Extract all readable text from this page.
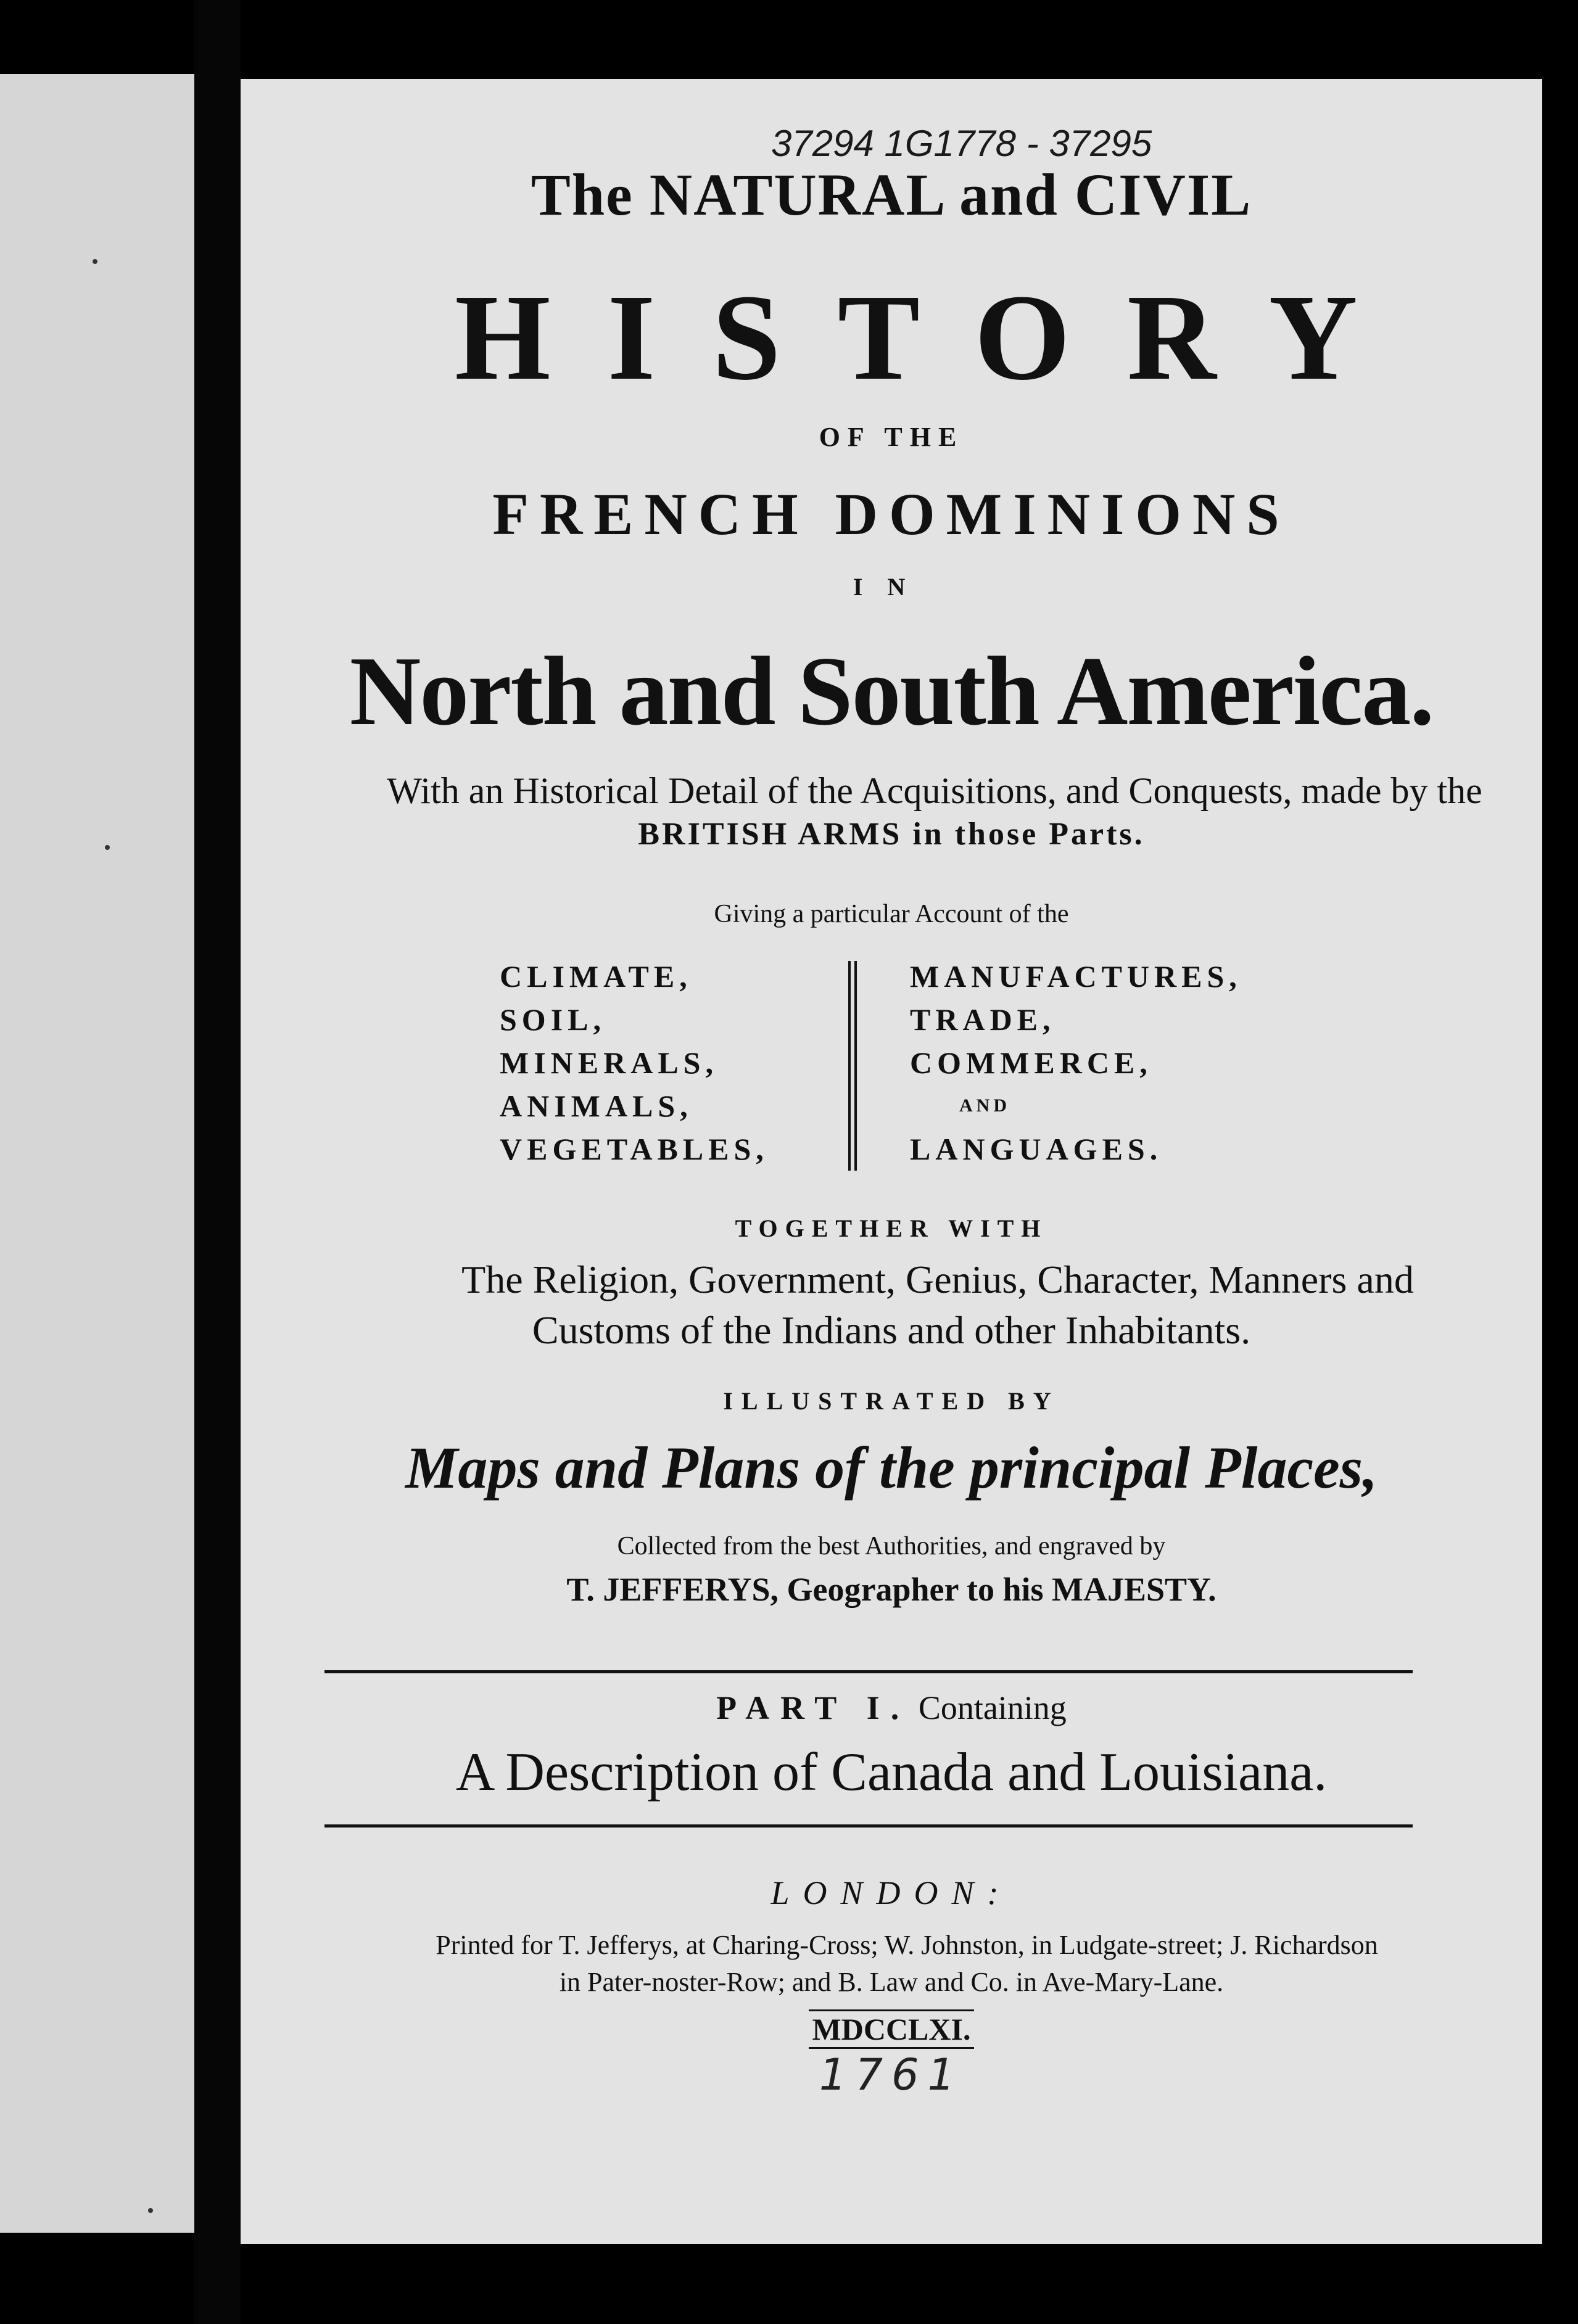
37294 1G1778 - 37295
The NATURAL and CIVIL
HISTORY
OF THE
FRENCH DOMINIONS
IN
North and South America.
With an Historical Detail of the Acquisitions, and Conquests, made by the
BRITISH ARMS in those Parts.
Giving a particular Account of the
CLIMATE,
SOIL,
MINERALS,
ANIMALS,
VEGETABLES,
MANUFACTURES,
TRADE,
COMMERCE,
AND
LANGUAGES.
TOGETHER WITH
The Religion, Government, Genius, Character, Manners and
Customs of the Indians and other Inhabitants.
ILLUSTRATED BY
Maps and Plans of the principal Places,
Collected from the best Authorities, and engraved by
T. JEFFERYS, Geographer to his MAJESTY.
PART I. Containing
A Description of Canada and Louisiana.
LONDON:
Printed for T. Jefferys, at Charing-Cross; W. Johnston, in Ludgate-street; J. Richardson
in Pater-noster-Row; and B. Law and Co. in Ave-Mary-Lane.
MDCCLXI.
1761
